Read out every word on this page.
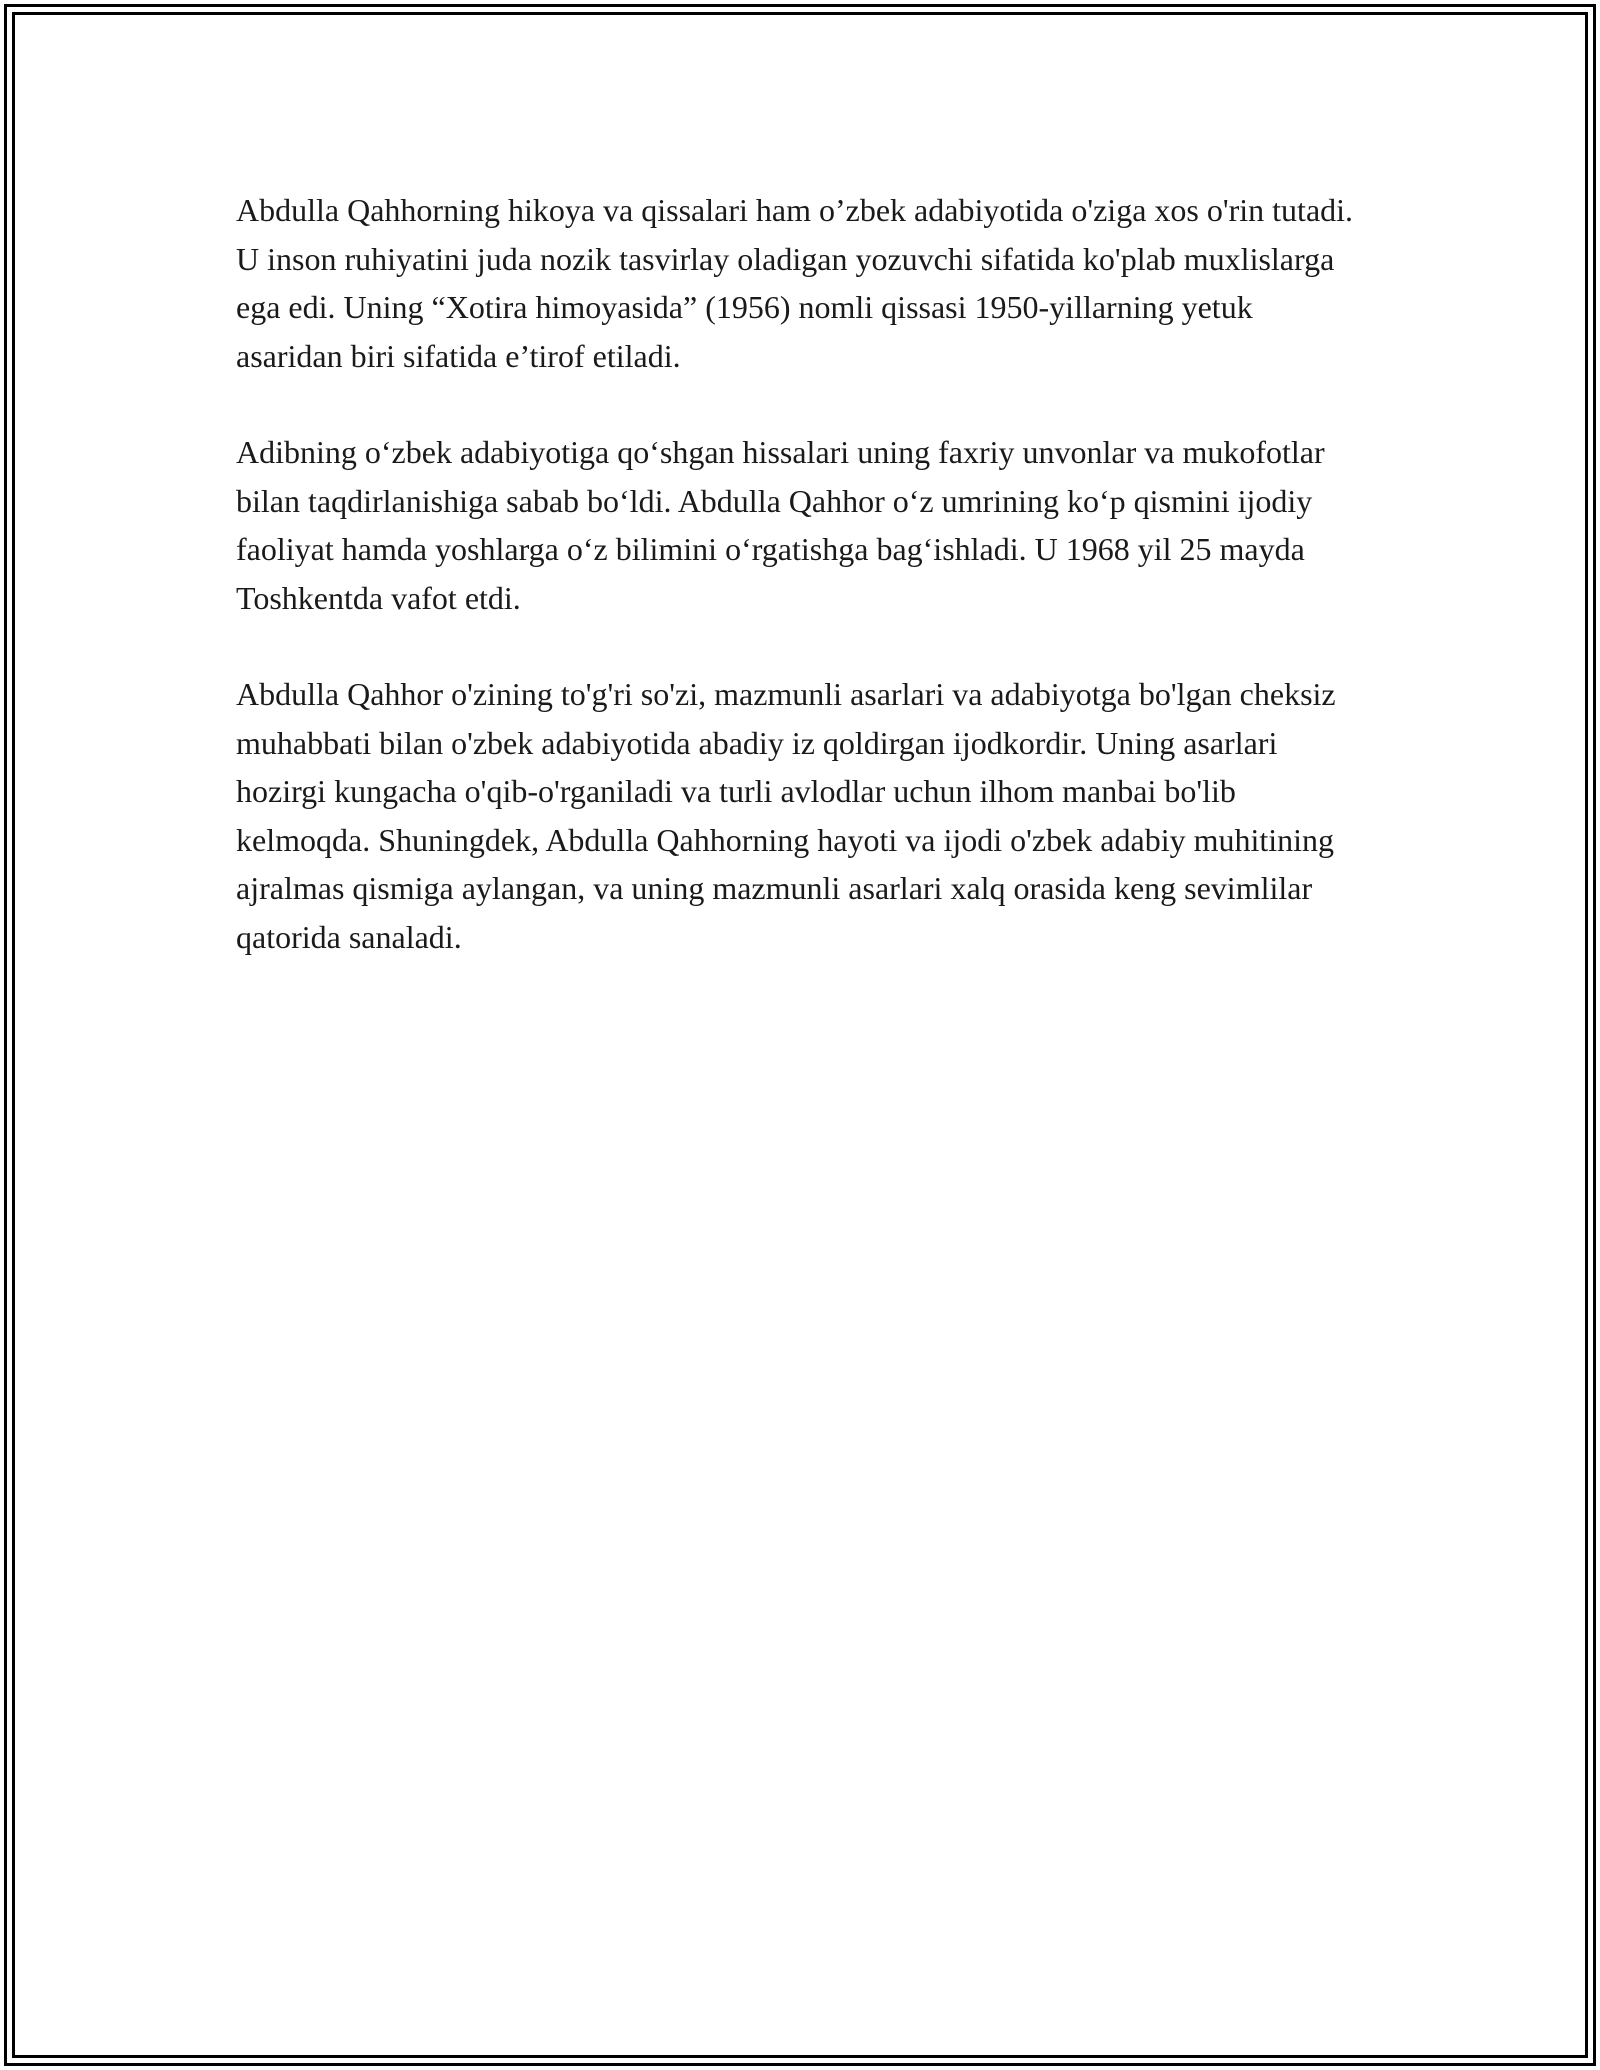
Abdulla Qahhorning hikoya va qissalari ham o’zbek adabiyotida o'ziga xos o'rin tutadi. U inson ruhiyatini juda nozik tasvirlay oladigan yozuvchi sifatida ko'plab muxlislarga ega edi. Uning “Xotira himoyasida” (1956) nomli qissasi 1950-yillarning yetuk asaridan biri sifatida e’tirof etiladi.

Adibning oʻzbek adabiyotiga qoʻshgan hissalari uning faxriy unvonlar va mukofotlar bilan taqdirlanishiga sabab boʻldi. Abdulla Qahhor oʻz umrining koʻp qismini ijodiy faoliyat hamda yoshlarga oʻz bilimini oʻrgatishga bagʻishladi. U 1968 yil 25 mayda Toshkentda vafot etdi.

Abdulla Qahhor o'zining to'g'ri so'zi, mazmunli asarlari va adabiyotga bo'lgan cheksiz muhabbati bilan o'zbek adabiyotida abadiy iz qoldirgan ijodkordir. Uning asarlari hozirgi kungacha o'qib-o'rganiladi va turli avlodlar uchun ilhom manbai bo'lib kelmoqda. Shuningdek, Abdulla Qahhorning hayoti va ijodi o'zbek adabiy muhitining ajralmas qismiga aylangan, va uning mazmunli asarlari xalq orasida keng sevimlilar qatorida sanaladi.
